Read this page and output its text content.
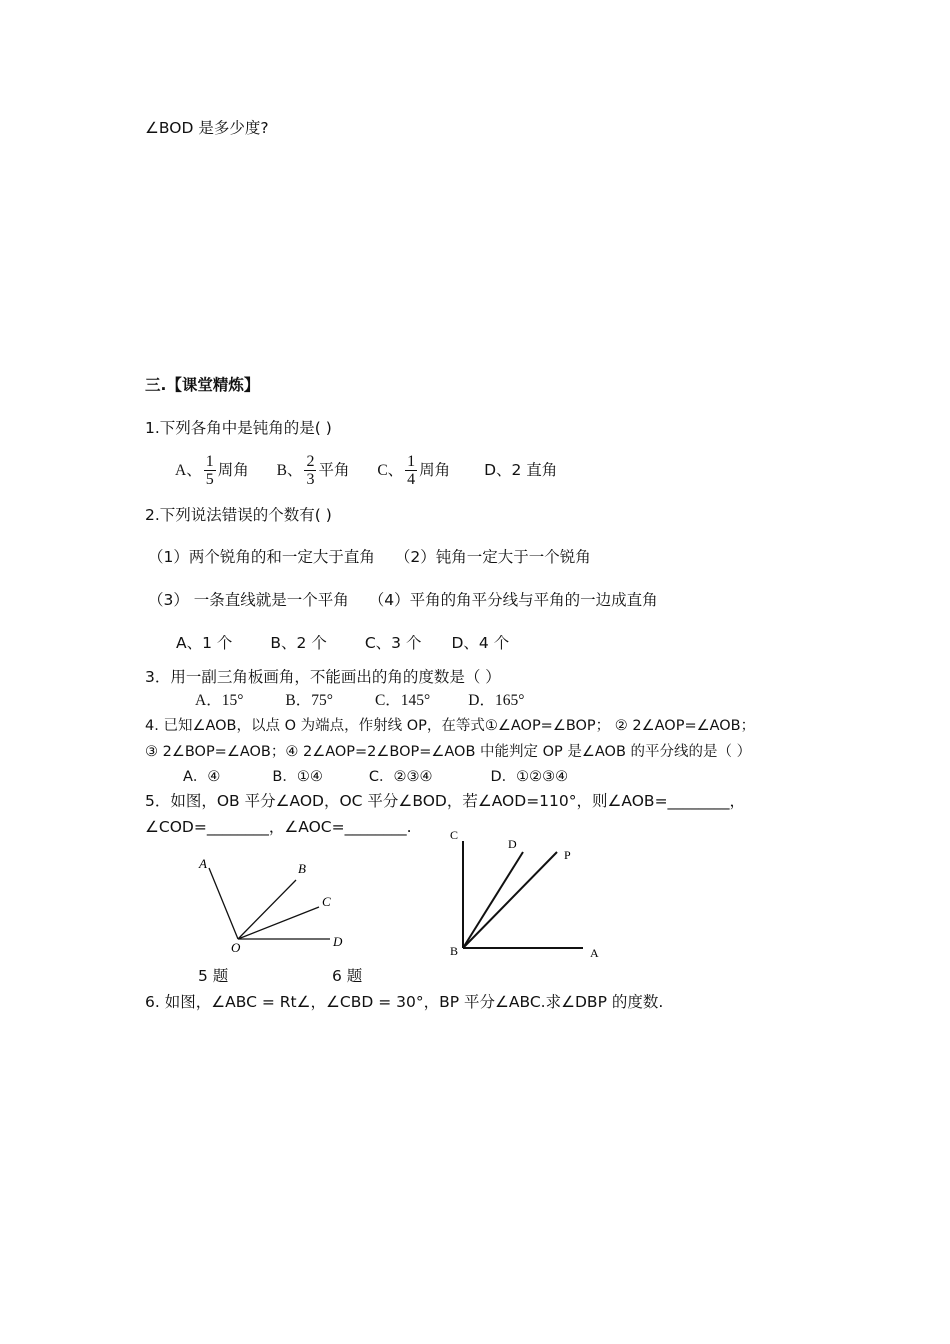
∠BOD 是多少度?
三.【课堂精炼】
1.下列各角中是钝角的是( )
A、 $\frac{1}{5}$ 周角 B、 $\frac{2}{3}$ 平角 C、 $\frac{1}{4}$ 周角 D、2 直角
2.下列说法错误的个数有( )
（1）两个锐角的和一定大于直角 （2）钝角一定大于一个锐角
（3） 一条直线就是一个平角 （4）平角的角平分线与平角的一边成直角
A、1 个 B、2 个 C、3 个 D、4 个
3．用一副三角板画角，不能画出的角的度数是（ ）
A．15°	B．75°	C．145° D．165°
4. 已知∠AOB，以点 O 为端点，作射线 OP，在等式①∠AOP=∠BOP； ② 2∠AOP=∠AOB；
③ 2∠BOP=∠AOB；④ 2∠AOP=2∠BOP=∠AOB 中能判定 OP 是∠AOB 的平分线的是（ ）
A．④	B．①④	C．②③④	D．①②③④
5．如图，OB 平分∠AOD，OC 平分∠BOD，若∠AOD=110°，则∠AOB=________，
∠COD=________，∠AOC=________.
A	B
C
D
O
C
D
P
B	A
5 题	6 题
6. 如图，∠ABC = Rt∠，∠CBD = 30°，BP 平分∠ABC.求∠DBP 的度数.
